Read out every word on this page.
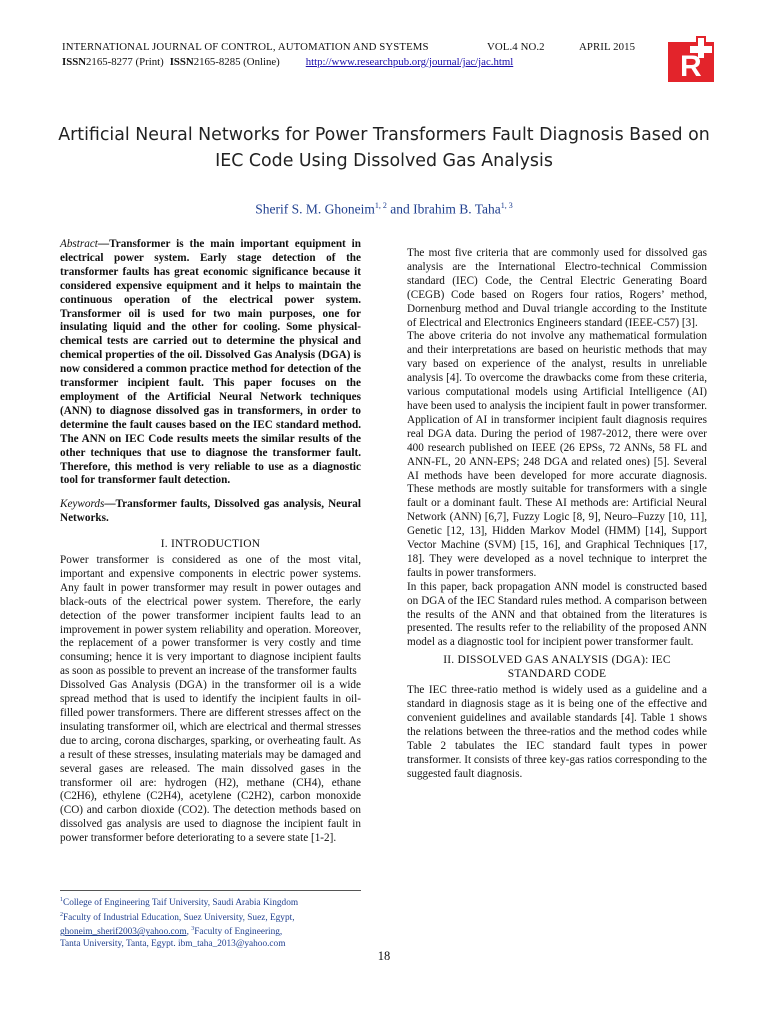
INTERNATIONAL JOURNAL OF CONTROL, AUTOMATION AND SYSTEMS	VOL.4 NO.2	APRIL 2015
ISSN 2165-8277 (Print) ISSN 2165-8285 (Online) http://www.researchpub.org/journal/jac/jac.html	R
Artificial Neural Networks for Power Transformers Fault Diagnosis Based on
IEC Code Using Dissolved Gas Analysis
Sherif S. M. Ghoneim$^{1, 2}$ and Ibrahim B. Taha$^{1, 3}$

Abstract—Transformer is the main important equipment in electrical power system. Early stage detection of the transformer faults has great economic significance because it considered expensive equipment and it helps to maintain the continuous operation of the electrical power system. Transformer oil is used for two main purposes, one for insulating liquid and the other for cooling. Some physical-chemical tests are carried out to determine the physical and chemical properties of the oil. Dissolved Gas Analysis (DGA) is now considered a common practice method for detection of the transformer incipient fault. This paper focuses on the employment of the Artificial Neural Network techniques (ANN) to diagnose dissolved gas in transformers, in order to determine the fault causes based on the IEC standard method. The ANN on IEC Code results meets the similar results of the other techniques that use to diagnose the transformer fault. Therefore, this method is very reliable to use as a diagnostic tool for transformer fault detection.

Keywords—Transformer faults, Dissolved gas analysis, Neural Networks.

I. INTRODUCTION

Power transformer is considered as one of the most vital, important and expensive components in electric power systems. Any fault in power transformer may result in power outages and black-outs of the electrical power system. Therefore, the early detection of the power transformer incipient faults lead to an improvement in power system reliability and operation. Moreover, the replacement of a power transformer is very costly and time consuming; hence it is very important to diagnose incipient faults as soon as possible to prevent an increase of the transformer faults

Dissolved Gas Analysis (DGA) in the transformer oil is a wide spread method that is used to identify the incipient faults in oil-filled power transformers. There are different stresses affect on the insulating transformer oil, which are electrical and thermal stresses due to arcing, corona discharges, sparking, or overheating fault. As a result of these stresses, insulating materials may be damaged and several gases are released. The main dissolved gases in the transformer oil are: hydrogen (H2), methane (CH4), ethane (C2H6), ethylene (C2H4), acetylene (C2H2), carbon monoxide (CO) and carbon dioxide (CO2). The detection methods based on dissolved gas analysis are used to diagnose the incipient fault in power transformer before deteriorating to a severe state [1-2].

The most five criteria that are commonly used for dissolved gas analysis are the International Electro-technical Commission standard (IEC) Code, the Central Electric Generating Board (CEGB) Code based on Rogers four ratios, Rogers’ method, Dornenburg method and Duval triangle according to the Institute of Electrical and Electronics Engineers standard (IEEE-C57) [3].

The above criteria do not involve any mathematical formulation and their interpretations are based on heuristic methods that may vary based on experience of the analyst, results in unreliable analysis [4]. To overcome the drawbacks come from these criteria, various computational models using Artificial Intelligence (AI) have been used to analysis the incipient fault in power transformer. Application of AI in transformer incipient fault diagnosis requires real DGA data. During the period of 1987-2012, there were over 400 research published on IEEE (26 EPSs, 72 ANNs, 58 FL and ANN-FL, 20 ANN-EPS; 248 DGA and related ones) [5]. Several AI methods have been developed for more accurate diagnosis. These methods are mostly suitable for transformers with a single fault or a dominant fault. These AI methods are: Artificial Neural Network (ANN) [6,7], Fuzzy Logic [8, 9], Neuro–Fuzzy [10, 11], Genetic [12, 13], Hidden Markov Model (HMM) [14], Support Vector Machine (SVM) [15, 16], and Graphical Techniques [17, 18]. They were developed as a novel technique to interpret the faults in power transformers.

In this paper, back propagation ANN model is constructed based on DGA of the IEC Standard rules method. A comparison between the results of the ANN and that obtained from the literatures is presented. The results refer to the reliability of the proposed ANN model as a diagnostic tool for incipient power transformer fault.

II. DISSOLVED GAS ANALYSIS (DGA): IEC
STANDARD CODE

The IEC three-ratio method is widely used as a guideline and a standard in diagnosis stage as it is being one of the effective and convenient guidelines and available standards [4]. Table 1 shows the relations between the three-ratios and the method codes while Table 2 tabulates the IEC standard fault types in power transformer. It consists of three key-gas ratios corresponding to the suggested fault diagnosis.

$^1$College of Engineering Taif University, Saudi Arabia Kingdom

$^2$Faculty of Industrial Education, Suez University, Suez, Egypt,

ghoneim_sherif2003@yahoo.com, $^3$Faculty of Engineering,

Tanta University, Tanta, Egypt. ibm_taha_2013@yahoo.com

18
